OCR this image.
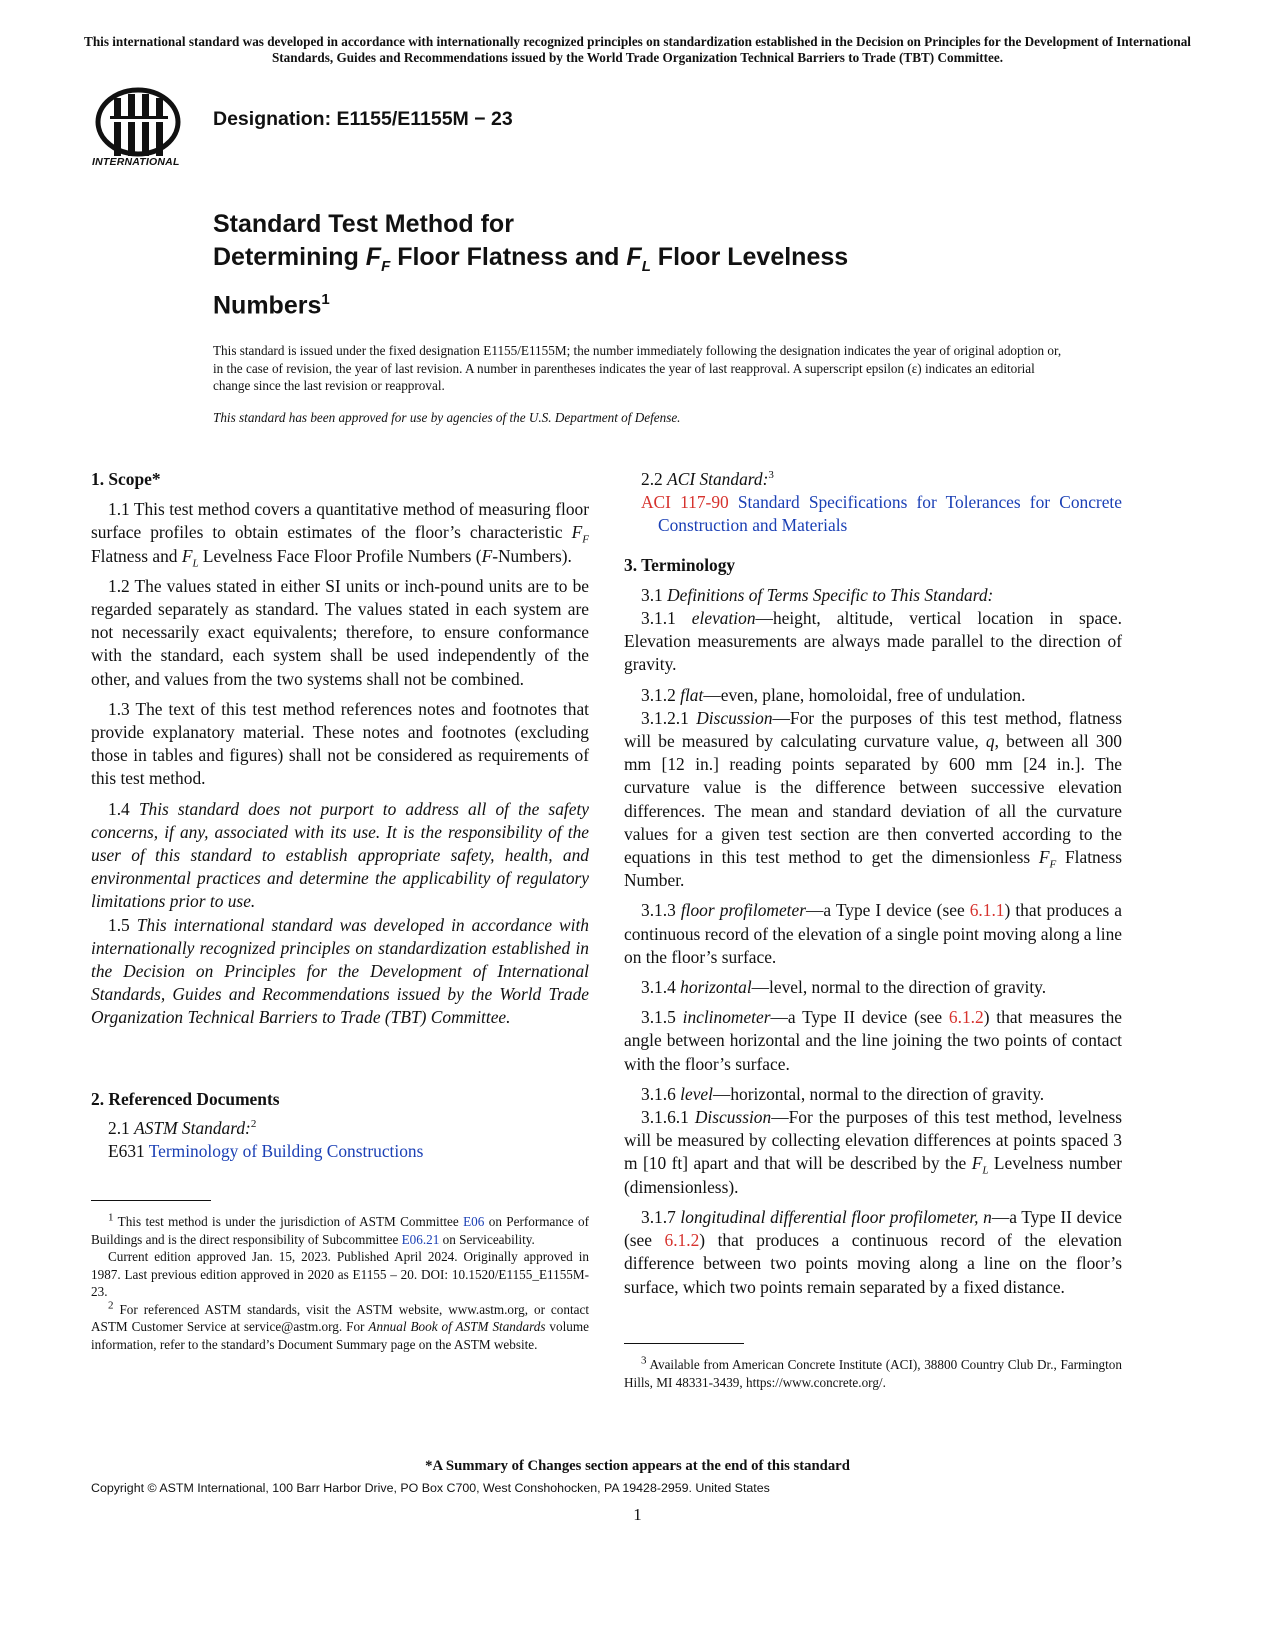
This international standard was developed in accordance with internationally recognized principles on standardization established in the Decision on Principles for the Development of International Standards, Guides and Recommendations issued by the World Trade Organization Technical Barriers to Trade (TBT) Committee.
INTERNATIONAL
Designation: E1155/E1155M − 23
Standard Test Method for
Determining $F_F$ Floor Flatness and $F_L$ Floor Levelness
Numbers$^1$
This standard is issued under the fixed designation E1155/E1155M; the number immediately following the designation indicates the year of original adoption or, in the case of revision, the year of last revision. A number in parentheses indicates the year of last reapproval. A superscript epsilon (ε) indicates an editorial change since the last revision or reapproval.
This standard has been approved for use by agencies of the U.S. Department of Defense.
1. Scope*

1.1 This test method covers a quantitative method of measuring floor surface profiles to obtain estimates of the floor’s characteristic $F_F$ Flatness and $F_L$ Levelness Face Floor Profile Numbers (F-Numbers).

1.2 The values stated in either SI units or inch-pound units are to be regarded separately as standard. The values stated in each system are not necessarily exact equivalents; therefore, to ensure conformance with the standard, each system shall be used independently of the other, and values from the two systems shall not be combined.

1.3 The text of this test method references notes and footnotes that provide explanatory material. These notes and footnotes (excluding those in tables and figures) shall not be considered as requirements of this test method.

1.4 This standard does not purport to address all of the safety concerns, if any, associated with its use. It is the responsibility of the user of this standard to establish appropriate safety, health, and environmental practices and determine the applicability of regulatory limitations prior to use.

1.5 This international standard was developed in accordance with internationally recognized principles on standardization established in the Decision on Principles for the Development of International Standards, Guides and Recommendations issued by the World Trade Organization Technical Barriers to Trade (TBT) Committee.

2. Referenced Documents

2.1 ASTM Standard:$^2$

E631 Terminology of Building Constructions

$^1$ This test method is under the jurisdiction of ASTM Committee E06 on Performance of Buildings and is the direct responsibility of Subcommittee E06.21 on Serviceability.

Current edition approved Jan. 15, 2023. Published April 2024. Originally approved in 1987. Last previous edition approved in 2020 as E1155 – 20. DOI: 10.1520/E1155_E1155M-23.

$^2$ For referenced ASTM standards, visit the ASTM website, www.astm.org, or contact ASTM Customer Service at service@astm.org. For Annual Book of ASTM Standards volume information, refer to the standard’s Document Summary page on the ASTM website.

2.2 ACI Standard:$^3$

ACI 117-90 Standard Specifications for Tolerances for Concrete Construction and Materials

3. Terminology

3.1 Definitions of Terms Specific to This Standard:

3.1.1 elevation—height, altitude, vertical location in space. Elevation measurements are always made parallel to the direction of gravity.

3.1.2 flat—even, plane, homoloidal, free of undulation.

3.1.2.1 Discussion—For the purposes of this test method, flatness will be measured by calculating curvature value, q, between all 300 mm [12 in.] reading points separated by 600 mm [24 in.]. The curvature value is the difference between successive elevation differences. The mean and standard deviation of all the curvature values for a given test section are then converted according to the equations in this test method to get the dimensionless $F_F$ Flatness Number.

3.1.3 floor profilometer—a Type I device (see 6.1.1) that produces a continuous record of the elevation of a single point moving along a line on the floor’s surface.

3.1.4 horizontal—level, normal to the direction of gravity.

3.1.5 inclinometer—a Type II device (see 6.1.2) that measures the angle between horizontal and the line joining the two points of contact with the floor’s surface.

3.1.6 level—horizontal, normal to the direction of gravity.

3.1.6.1 Discussion—For the purposes of this test method, levelness will be measured by collecting elevation differences at points spaced 3 m [10 ft] apart and that will be described by the $F_L$ Levelness number (dimensionless).

3.1.7 longitudinal differential floor profilometer, n—a Type II device (see 6.1.2) that produces a continuous record of the elevation difference between two points moving along a line on the floor’s surface, which two points remain separated by a fixed distance.

$^3$ Available from American Concrete Institute (ACI), 38800 Country Club Dr., Farmington Hills, MI 48331-3439, https://www.concrete.org/.

*A Summary of Changes section appears at the end of this standard
Copyright © ASTM International, 100 Barr Harbor Drive, PO Box C700, West Conshohocken, PA 19428-2959. United States
1
